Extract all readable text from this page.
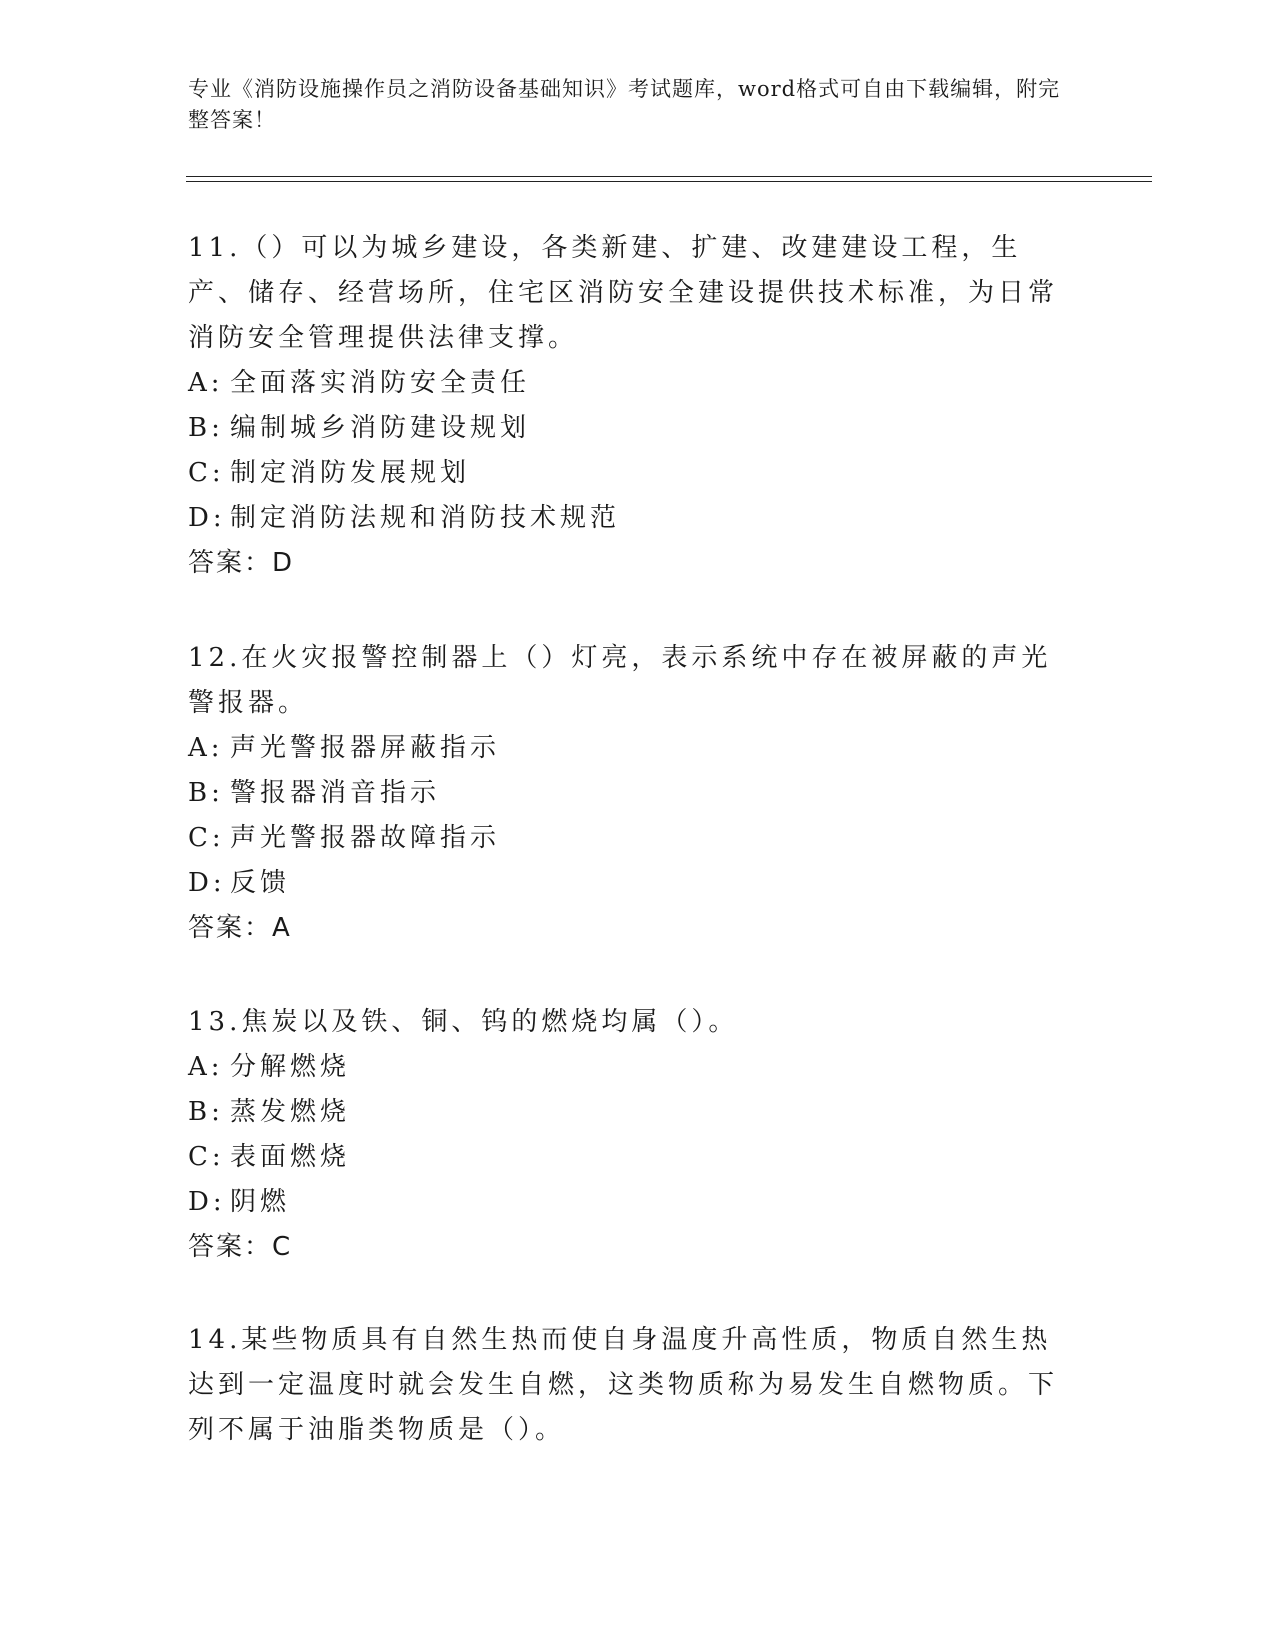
专业《消防设施操作员之消防设备基础知识》考试题库，word格式可自由下载编辑，附完整答案！

11.（）可以为城乡建设，各类新建、扩建、改建建设工程，生产、储存、经营场所，住宅区消防安全建设提供技术标准，为日常消防安全管理提供法律支撑。

A: 全面落实消防安全责任

B: 编制城乡消防建设规划

C: 制定消防发展规划

D: 制定消防法规和消防技术规范

答案：D

12.在火灾报警控制器上（）灯亮，表示系统中存在被屏蔽的声光警报器。

A: 声光警报器屏蔽指示

B: 警报器消音指示

C: 声光警报器故障指示

D: 反馈

答案：A

13.焦炭以及铁、铜、钨的燃烧均属（）。

A: 分解燃烧

B: 蒸发燃烧

C: 表面燃烧

D: 阴燃

答案：C

14.某些物质具有自然生热而使自身温度升高性质，物质自然生热达到一定温度时就会发生自燃，这类物质称为易发生自燃物质。下列不属于油脂类物质是（）。
